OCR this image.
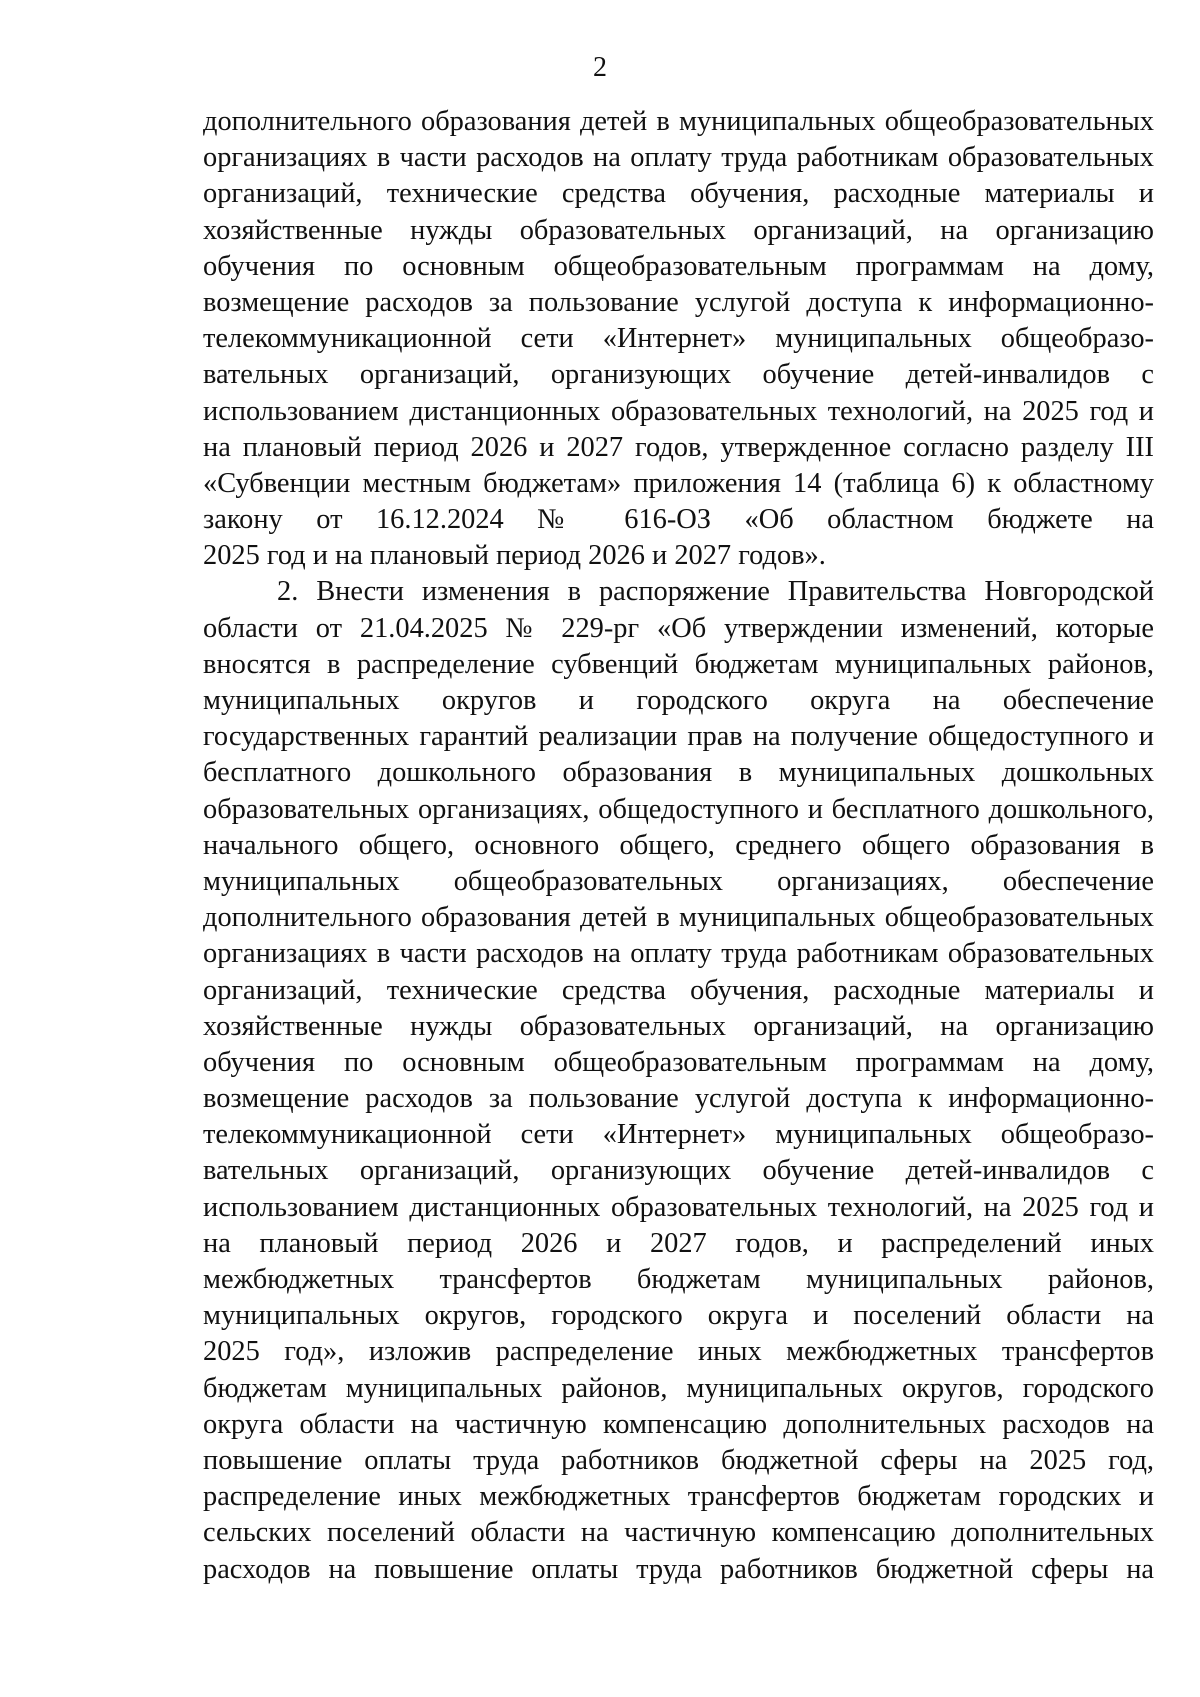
2
дополнительного образования детей в муниципальных общеобразовательных
организациях в части расходов на оплату труда работникам образовательных
организаций, технические средства обучения, расходные материалы и
хозяйственные нужды образовательных организаций, на организацию
обучения по основным общеобразовательным программам на дому,
возмещение расходов за пользование услугой доступа к информационно-
телекоммуникационной сети «Интернет» муниципальных общеобразо-
вательных организаций, организующих обучение детей-инвалидов с
использованием дистанционных образовательных технологий, на 2025 год и
на плановый период 2026 и 2027 годов, утвержденное согласно разделу III
«Субвенции местным бюджетам» приложения 14 (таблица 6) к областному
закону от 16.12.2024 № 616-ОЗ «Об областном бюджете на
2025 год и на плановый период 2026 и 2027 годов».
2. Внести изменения в распоряжение Правительства Новгородской
области от 21.04.2025 № 229-рг «Об утверждении изменений, которые
вносятся в распределение субвенций бюджетам муниципальных районов,
муниципальных округов и городского округа на обеспечение
государственных гарантий реализации прав на получение общедоступного и
бесплатного дошкольного образования в муниципальных дошкольных
образовательных организациях, общедоступного и бесплатного дошкольного,
начального общего, основного общего, среднего общего образования в
муниципальных общеобразовательных организациях, обеспечение
дополнительного образования детей в муниципальных общеобразовательных
организациях в части расходов на оплату труда работникам образовательных
организаций, технические средства обучения, расходные материалы и
хозяйственные нужды образовательных организаций, на организацию
обучения по основным общеобразовательным программам на дому,
возмещение расходов за пользование услугой доступа к информационно-
телекоммуникационной сети «Интернет» муниципальных общеобразо-
вательных организаций, организующих обучение детей-инвалидов с
использованием дистанционных образовательных технологий, на 2025 год и
на плановый период 2026 и 2027 годов, и распределений иных
межбюджетных трансфертов бюджетам муниципальных районов,
муниципальных округов, городского округа и поселений области на
2025 год», изложив распределение иных межбюджетных трансфертов
бюджетам муниципальных районов, муниципальных округов, городского
округа области на частичную компенсацию дополнительных расходов на
повышение оплаты труда работников бюджетной сферы на 2025 год,
распределение иных межбюджетных трансфертов бюджетам городских и
сельских поселений области на частичную компенсацию дополнительных
расходов на повышение оплаты труда работников бюджетной сферы на
